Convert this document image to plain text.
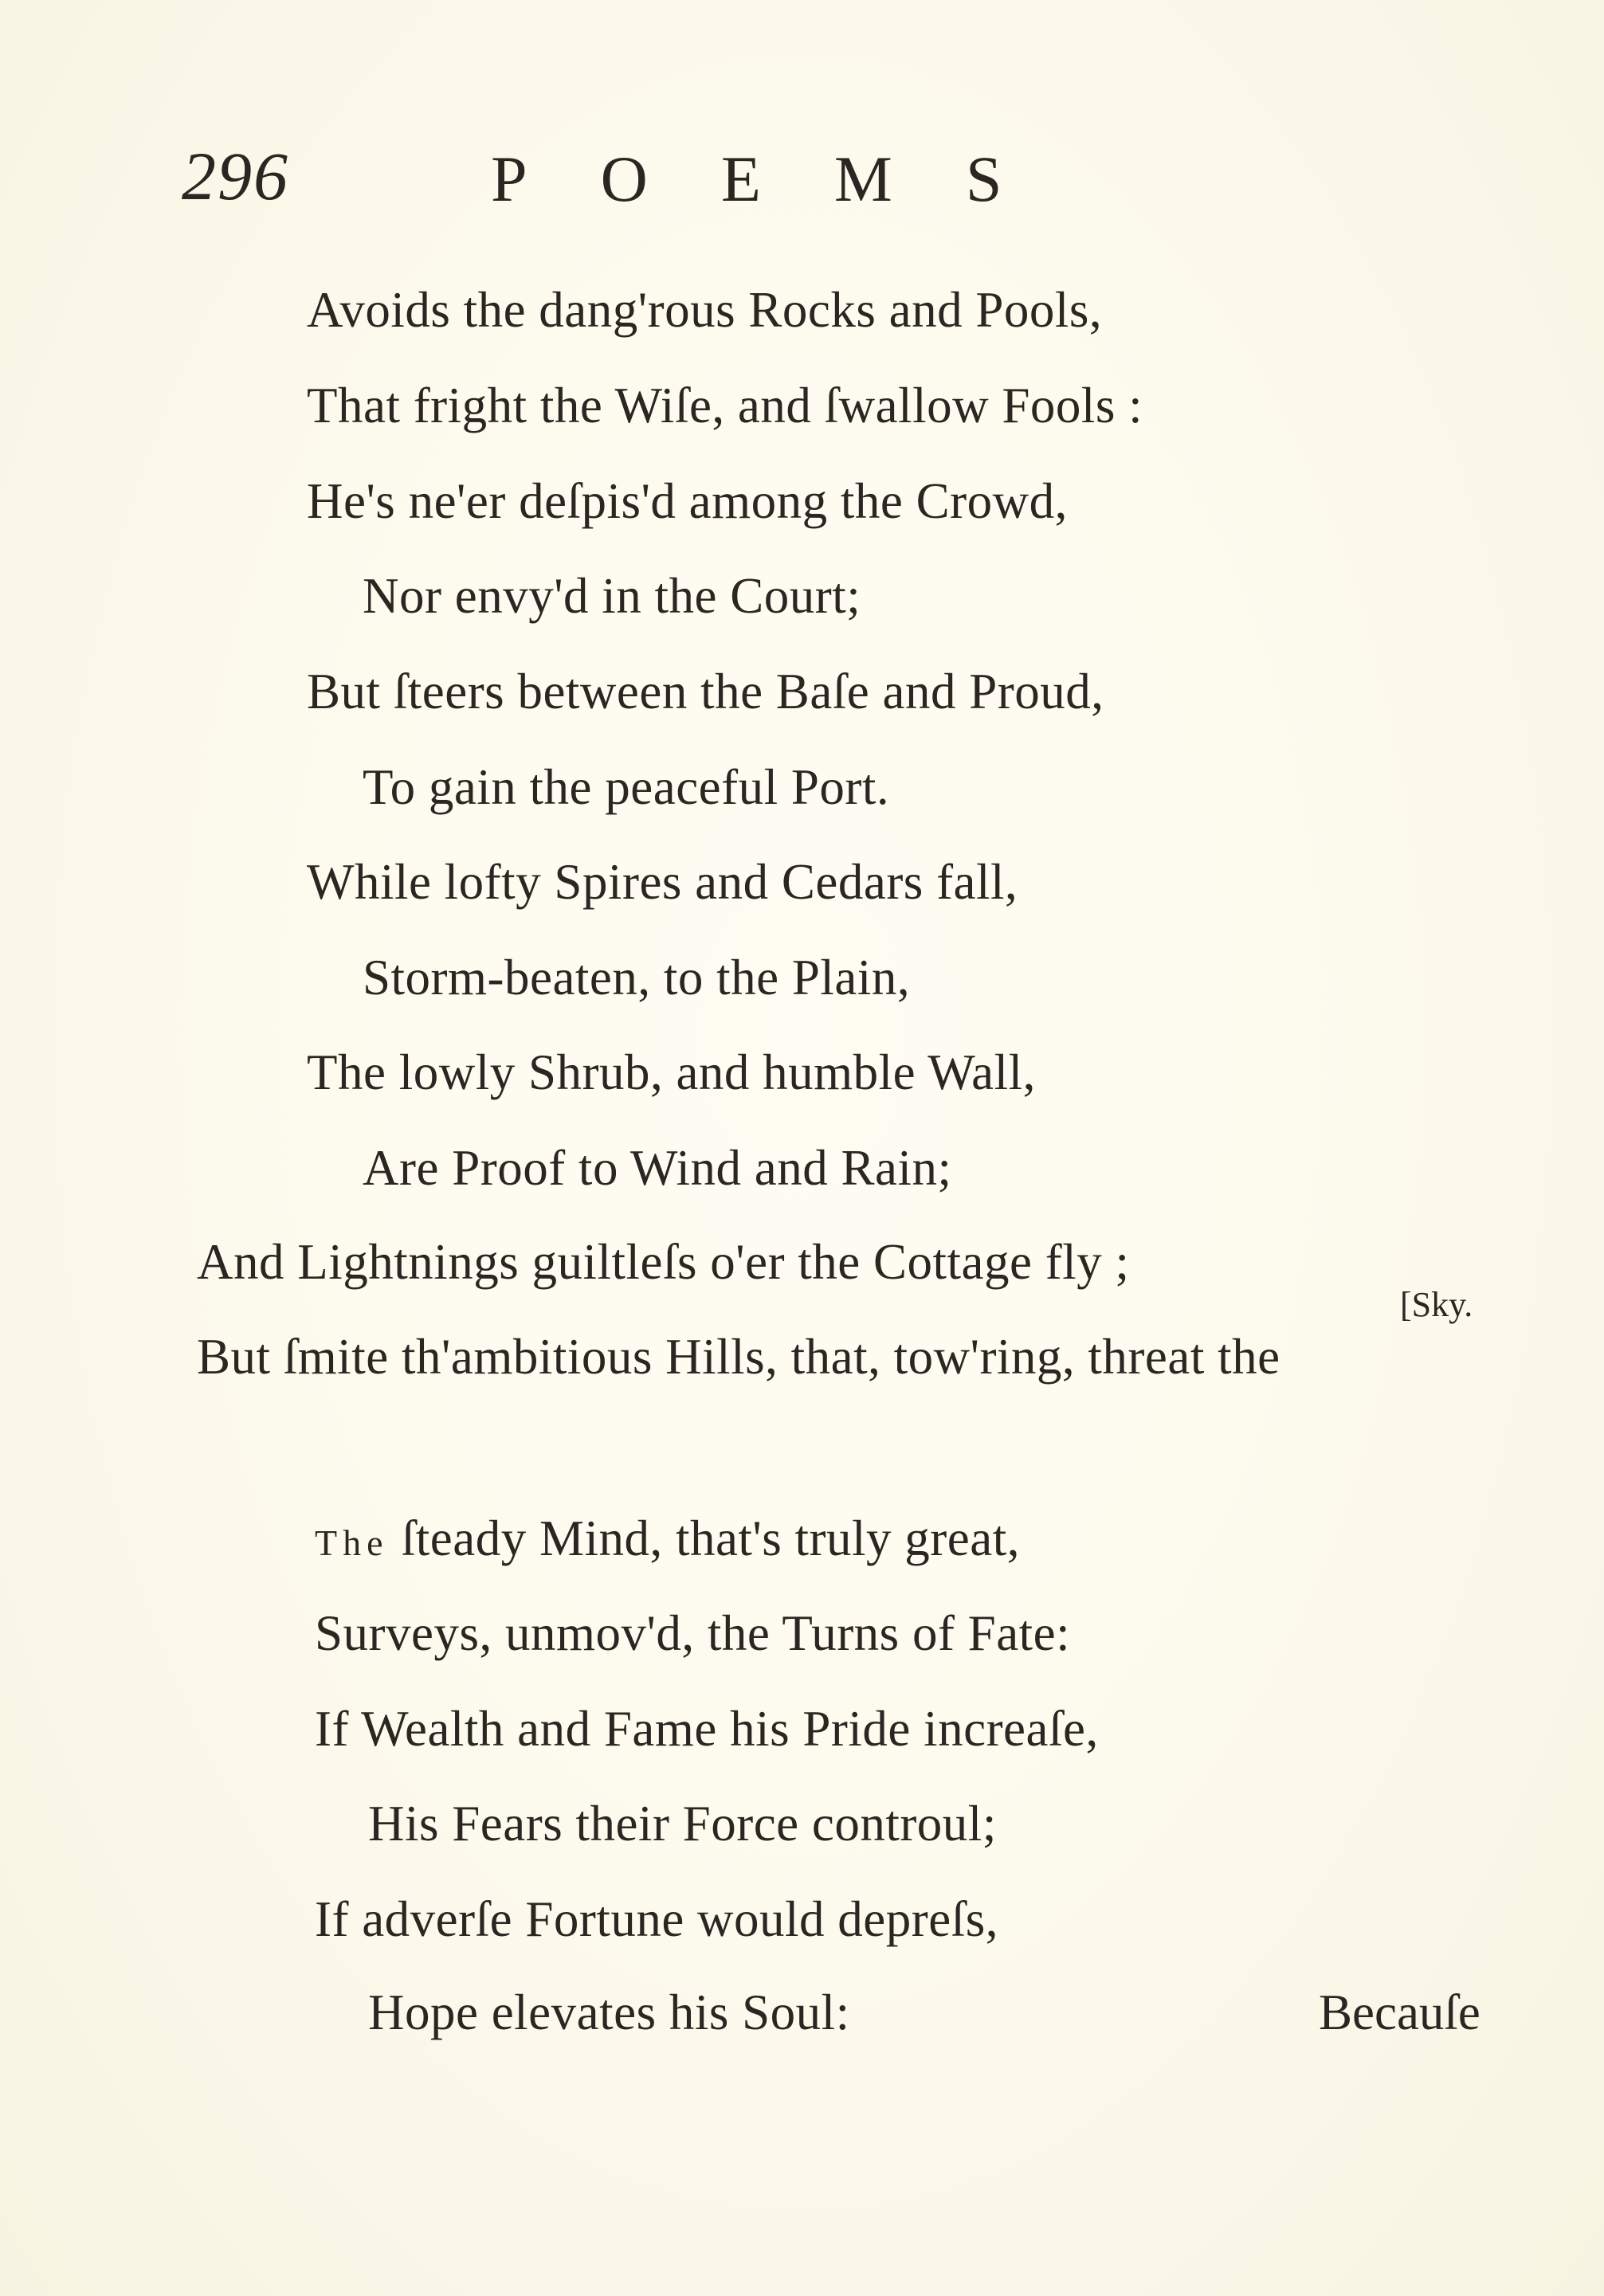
296	POEMS
Avoids the dang'rous Rocks and Pools,
That fright the Wiſe, and ſwallow Fools :
He's ne'er deſpis'd among the Crowd,
Nor envy'd in the Court;
But ſteers between the Baſe and Proud,
To gain the peaceful Port.
While lofty Spires and Cedars fall,
Storm-beaten, to the Plain,
The lowly Shrub, and humble Wall,
Are Proof to Wind and Rain;
And Lightnings guiltleſs o'er the Cottage fly ;
[Sky.
But ſmite th'ambitious Hills, that, tow'ring, threat the
The ſteady Mind, that's truly great,
Surveys, unmov'd, the Turns of Fate:
If Wealth and Fame his Pride increaſe,
His Fears their Force controul;
If adverſe Fortune would depreſs,
Hope elevates his Soul:	Becauſe
